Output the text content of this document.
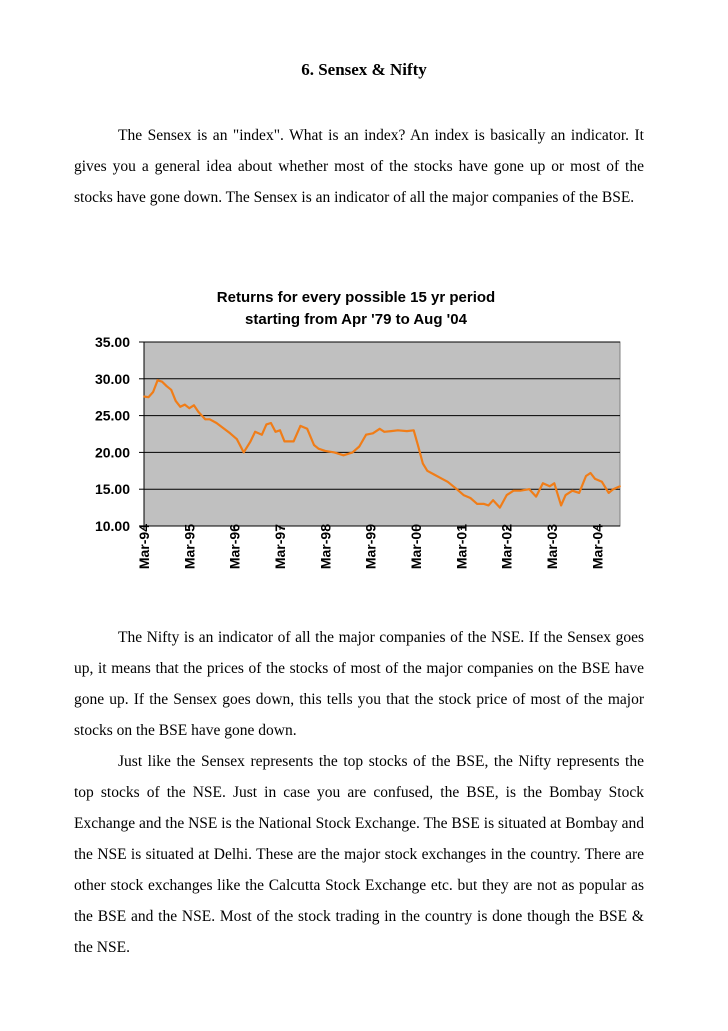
6. Sensex & Nifty

The Sensex is an "index". What is an index? An index is basically an indicator. It gives you a general idea about whether most of the stocks have gone up or most of the stocks have gone down. The Sensex is an indicator of all the major companies of the BSE.

Returns for every possible 15 yr period
starting from Apr '79 to Aug '04
35.00
30.00
25.00
20.00
15.00
10.00 Mar-94 Mar-95 Mar-96 Mar-97 Mar-98 Mar-99 Mar-00 Mar-01 Mar-02 Mar-03 Mar-04

The Nifty is an indicator of all the major companies of the NSE. If the Sensex goes up, it means that the prices of the stocks of most of the major companies on the BSE have gone up. If the Sensex goes down, this tells you that the stock price of most of the major stocks on the BSE have gone down.

Just like the Sensex represents the top stocks of the BSE, the Nifty represents the top stocks of the NSE. Just in case you are confused, the BSE, is the Bombay Stock Exchange and the NSE is the National Stock Exchange. The BSE is situated at Bombay and the NSE is situated at Delhi. These are the major stock exchanges in the country. There are other stock exchanges like the Calcutta Stock Exchange etc. but they are not as popular as the BSE and the NSE. Most of the stock trading in the country is done though the BSE & the NSE.
